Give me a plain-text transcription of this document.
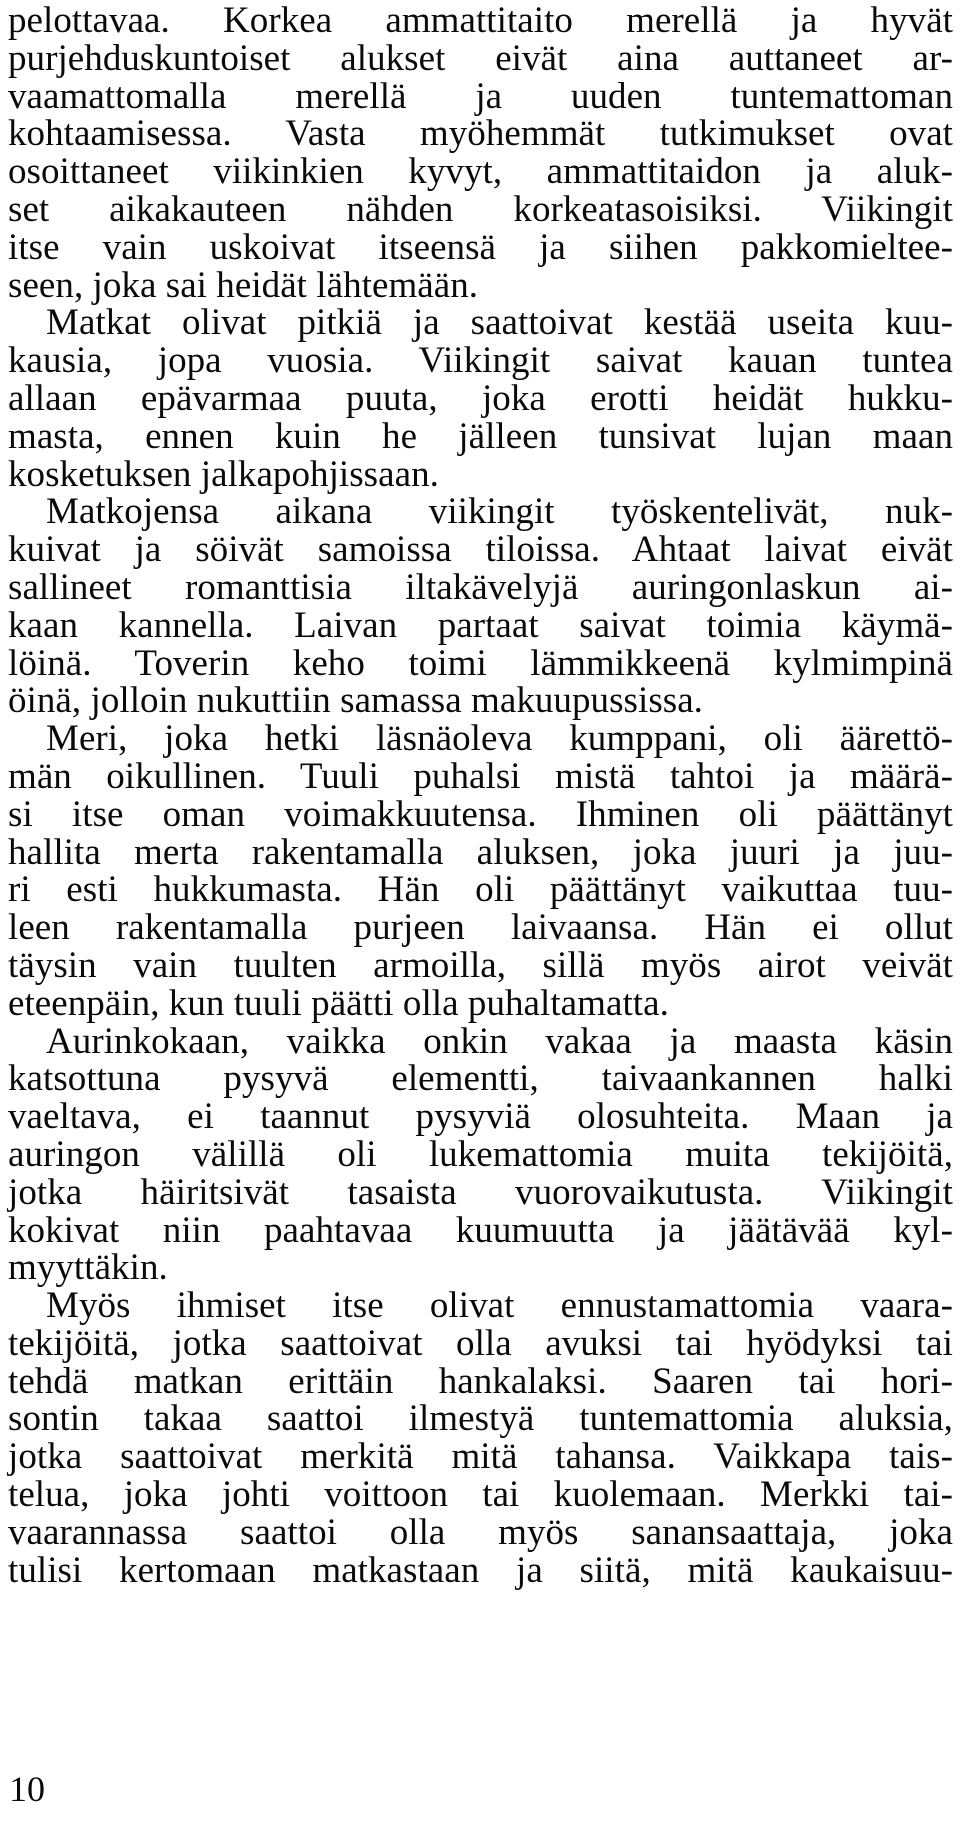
pelottavaa. Korkea ammattitaito merellä ja hyvät
purjehduskuntoiset alukset eivät aina auttaneet ar-
vaamattomalla merellä ja uuden tuntemattoman
kohtaamisessa. Vasta myöhemmät tutkimukset ovat
osoittaneet viikinkien kyvyt, ammattitaidon ja aluk-
set aikakauteen nähden korkeatasoisiksi. Viikingit
itse vain uskoivat itseensä ja siihen pakkomieltee-
seen, joka sai heidät lähtemään.
Matkat olivat pitkiä ja saattoivat kestää useita kuu-
kausia, jopa vuosia. Viikingit saivat kauan tuntea
allaan epävarmaa puuta, joka erotti heidät hukku-
masta, ennen kuin he jälleen tunsivat lujan maan
kosketuksen jalkapohjissaan.
Matkojensa aikana viikingit työskentelivät, nuk-
kuivat ja söivät samoissa tiloissa. Ahtaat laivat eivät
sallineet romanttisia iltakävelyjä auringonlaskun ai-
kaan kannella. Laivan partaat saivat toimia käymä-
löinä. Toverin keho toimi lämmikkeenä kylmimpinä
öinä, jolloin nukuttiin samassa makuupussissa.
Meri, joka hetki läsnäoleva kumppani, oli äärettö-
män oikullinen. Tuuli puhalsi mistä tahtoi ja määrä-
si itse oman voimakkuutensa. Ihminen oli päättänyt
hallita merta rakentamalla aluksen, joka juuri ja juu-
ri esti hukkumasta. Hän oli päättänyt vaikuttaa tuu-
leen rakentamalla purjeen laivaansa. Hän ei ollut
täysin vain tuulten armoilla, sillä myös airot veivät
eteenpäin, kun tuuli päätti olla puhaltamatta.
Aurinkokaan, vaikka onkin vakaa ja maasta käsin
katsottuna pysyvä elementti, taivaankannen halki
vaeltava, ei taannut pysyviä olosuhteita. Maan ja
auringon välillä oli lukemattomia muita tekijöitä,
jotka häiritsivät tasaista vuorovaikutusta. Viikingit
kokivat niin paahtavaa kuumuutta ja jäätävää kyl-
myyttäkin.
Myös ihmiset itse olivat ennustamattomia vaara-
tekijöitä, jotka saattoivat olla avuksi tai hyödyksi tai
tehdä matkan erittäin hankalaksi. Saaren tai hori-
sontin takaa saattoi ilmestyä tuntemattomia aluksia,
jotka saattoivat merkitä mitä tahansa. Vaikkapa tais-
telua, joka johti voittoon tai kuolemaan. Merkki tai-
vaarannassa saattoi olla myös sanansaattaja, joka
tulisi kertomaan matkastaan ja siitä, mitä kaukaisuu-
10
